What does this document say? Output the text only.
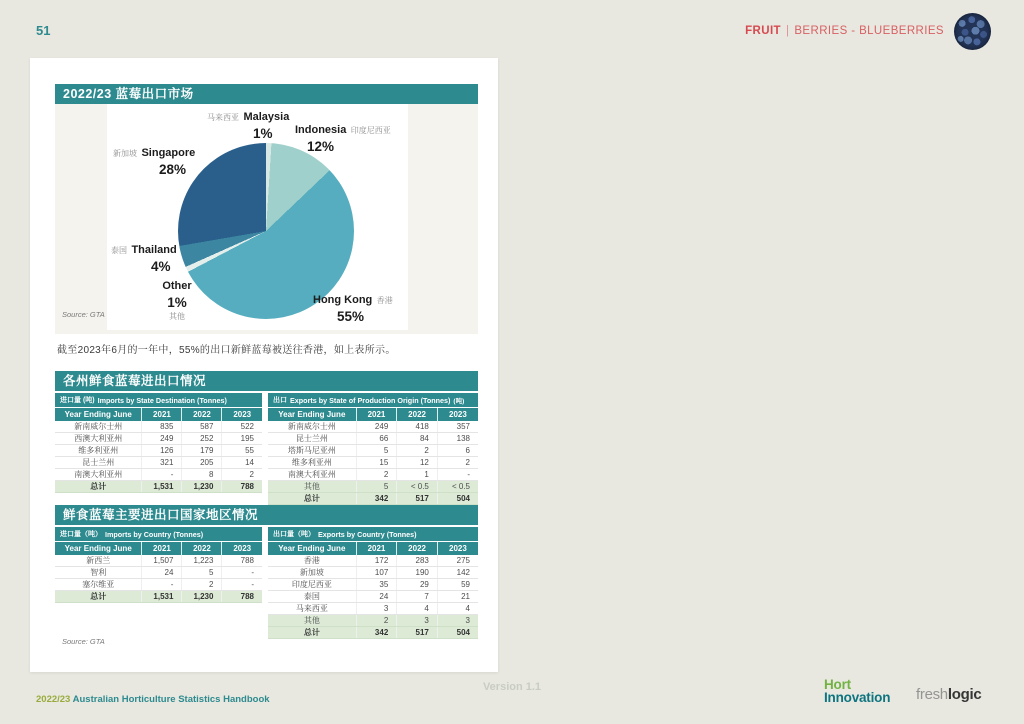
51	FRUIT | BERRIES - BLUEBERRIES
2022/23 蓝莓出口市场
马来西亚 Malaysia
1%	Indonesia 印度尼西亚
12%
新加坡 Singapore
28%
泰国 Thailand
4%
Other
1%
其他
Hong Kong 香港
55%
Source: GTA
截至2023年6月的一年中，55%的出口新鲜蓝莓被送往香港，如上表所示。
各州鲜食蓝莓进出口情况
进口量 (吨) Imports by State Destination (Tonnes)
Year Ending June	2021	2022	2023
新南威尔士州	835	587	522
西澳大利亚州	249	252	195
维多利亚州	126	179	55
昆士兰州	321	205	14
南澳大利亚州	-	8	2
总计	1,531	1,230	788
出口 Exports by State of Production Origin (Tonnes) (吨)
Year Ending June	2021	2022	2023
新南威尔士州	249	418	357
昆士兰州	66	84	138
塔斯马尼亚州	5	2	6
维多利亚州	15	12	2
南澳大利亚州	2	1	-
其他	5	< 0.5	< 0.5
总计	342	517	504
鲜食蓝莓主要进出口国家地区情况
进口量（吨） Imports by Country (Tonnes)
Year Ending June	2021	2022	2023
新西兰	1,507	1,223	788
智利	24	5	-
塞尔维亚	-	2	-
总计	1,531	1,230	788
出口量（吨） Exports by Country (Tonnes)
Year Ending June	2021	2022	2023
香港	172	283	275
新加坡	107	190	142
印度尼西亚	35	29	59
泰国	24	7	21
马来西亚	3	4	4
其他	2	3	3
总计	342	517	504
Source: GTA
2022/23 Australian Horticulture Statistics Handbook
Version 1.1	Hort
Innovation freshlogic
